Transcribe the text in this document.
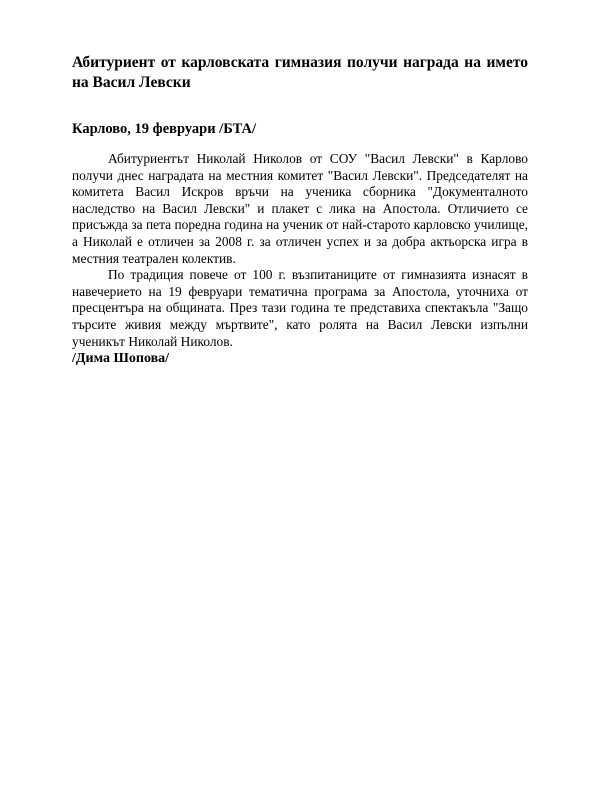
Абитуриент от карловската гимназия получи награда на името на Васил Левски

Карлово, 19 февруари /БТА/

Абитуриентът Николай Николов от СОУ "Васил Левски" в Карлово получи днес наградата на местния комитет "Васил Левски". Председателят на комитета Васил Искров връчи на ученика сборника "Документалното наследство на Васил Левски" и плакет с лика на Апостола. Отличието се присъжда за пета поредна година на ученик от най-старото карловско училище, а Николай е отличен за 2008 г. за отличен успех и за добра актьорска игра в местния театрален колектив.

По традиция повече от 100 г. възпитаниците от гимназията изнасят в навечерието на 19 февруари тематична програма за Апостола, уточниха от пресцентъра на общината. През тази година те представиха спектакъла "Защо търсите живия между мъртвите", като ролята на Васил Левски изпълни ученикът Николай Николов.

/Дима Шопова/
